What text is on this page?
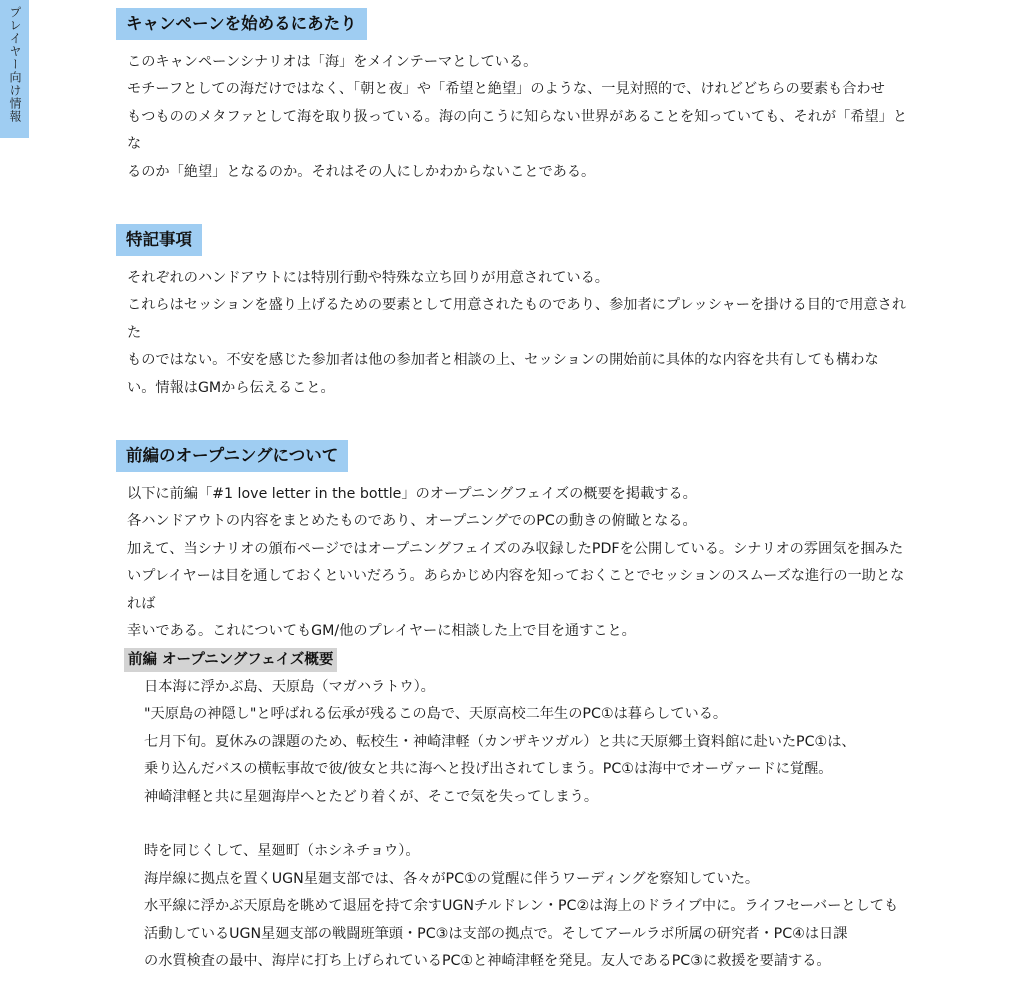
プレイヤー向け情報	キャンペーンを始めるにあたり

このキャンペーンシナリオは「海」をメインテーマとしている。

モチーフとしての海だけではなく、「朝と夜」や「希望と絶望」のような、一見対照的で、けれどどちらの要素も合わせ

もつもののメタファとして海を取り扱っている。海の向こうに知らない世界があることを知っていても、それが「希望」とな

るのか「絶望」となるのか。それはその人にしかわからないことである。

特記事項

それぞれのハンドアウトには特別行動や特殊な立ち回りが用意されている。

これらはセッションを盛り上げるための要素として用意されたものであり、参加者にプレッシャーを掛ける目的で用意された

ものではない。不安を感じた参加者は他の参加者と相談の上、セッションの開始前に具体的な内容を共有しても構わな

い。情報はGMから伝えること。

前編のオープニングについて

以下に前編「#1 love letter in the bottle」のオープニングフェイズの概要を掲載する。

各ハンドアウトの内容をまとめたものであり、オープニングでのPCの動きの俯瞰となる。

加えて、当シナリオの頒布ページではオープニングフェイズのみ収録したPDFを公開している。シナリオの雰囲気を掴みた

いプレイヤーは目を通しておくといいだろう。あらかじめ内容を知っておくことでセッションのスムーズな進行の一助となれば

幸いである。これについてもGM/他のプレイヤーに相談した上で目を通すこと。

前編 オープニングフェイズ概要

日本海に浮かぶ島、天原島（マガハラトウ）。

"天原島の神隠し"と呼ばれる伝承が残るこの島で、天原高校二年生のPC①は暮らしている。

七月下旬。夏休みの課題のため、転校生・神崎津軽（カンザキツガル）と共に天原郷土資料館に赴いたPC①は、

乗り込んだバスの横転事故で彼/彼女と共に海へと投げ出されてしまう。PC①は海中でオーヴァードに覚醒。

神崎津軽と共に星廻海岸へとたどり着くが、そこで気を失ってしまう。

時を同じくして、星廻町（ホシネチョウ）。

海岸線に拠点を置くUGN星廻支部では、各々がPC①の覚醒に伴うワーディングを察知していた。

水平線に浮かぶ天原島を眺めて退屈を持て余すUGNチルドレン・PC②は海上のドライブ中に。ライフセーバーとしても

活動しているUGN星廻支部の戦闘班筆頭・PC③は支部の拠点で。そしてアールラボ所属の研究者・PC④は日課

の水質検査の最中、海岸に打ち上げられているPC①と神崎津軽を発見。友人であるPC③に救援を要請する。
